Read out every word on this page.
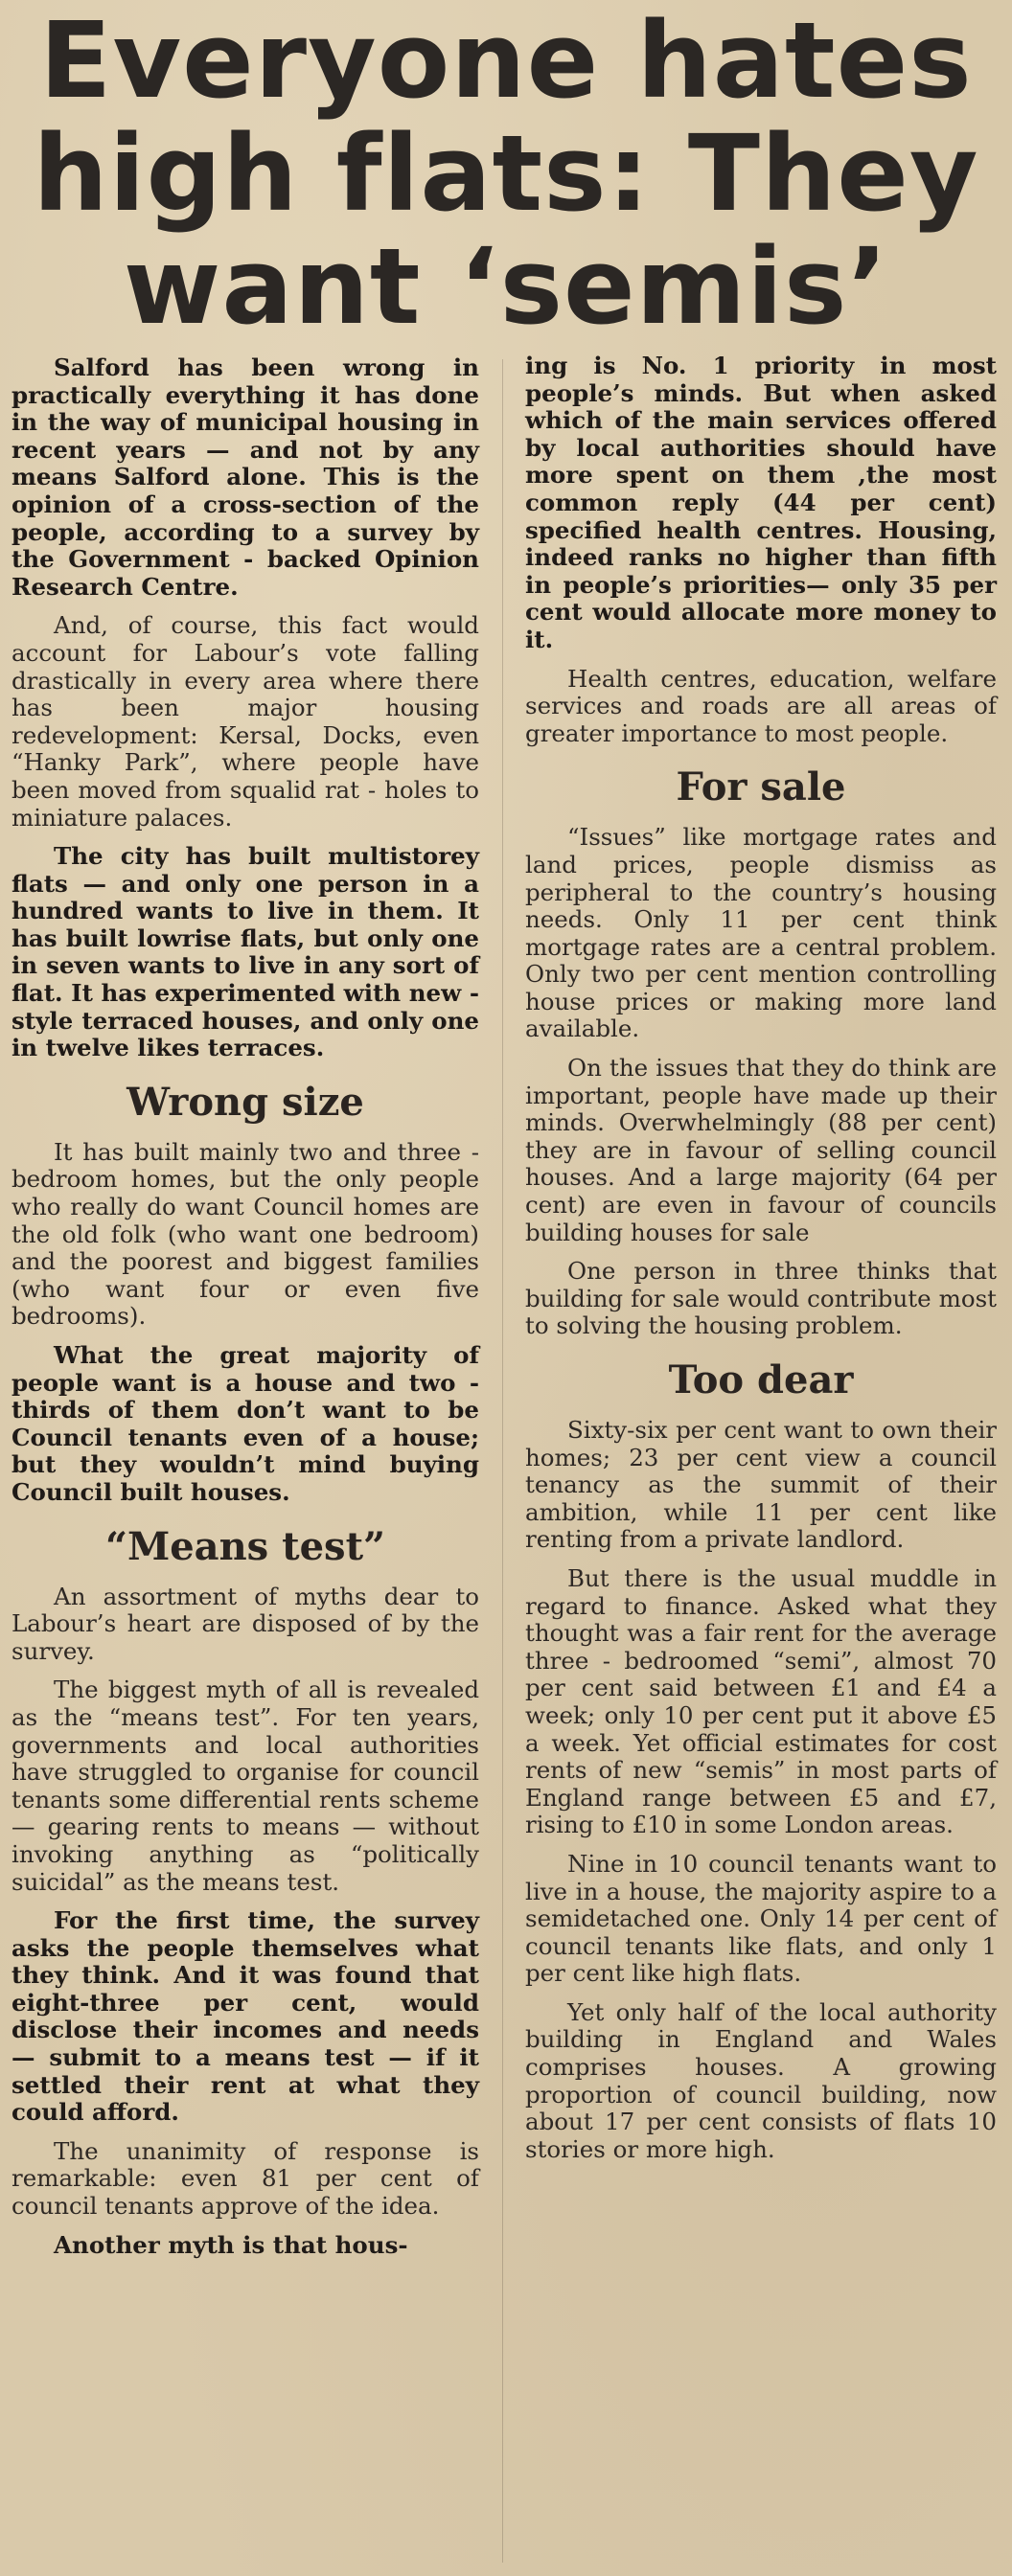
Everyone hates
high flats: They
want ‘semis’

Salford has been wrong in practically everything it has done in the way of municipal housing in recent years — and not by any means Salford alone. This is the opinion of a cross-section of the people, according to a survey by the Government - backed Opinion Research Centre.

And, of course, this fact would account for Labour’s vote falling drastically in every area where there has been major housing redevelopment: Kersal, Docks, even “Hanky Park”, where people have been moved from squalid rat - holes to miniature palaces.

The city has built multistorey flats — and only one person in a hundred wants to live in them. It has built lowrise flats, but only one in seven wants to live in any sort of flat. It has experimented with new - style terraced houses, and only one in twelve likes terraces.

Wrong size

It has built mainly two and three - bedroom homes, but the only people who really do want Council homes are the old folk (who want one bedroom) and the poorest and biggest families (who want four or even five bedrooms).

What the great majority of people want is a house and two - thirds of them don’t want to be Council tenants even of a house; but they wouldn’t mind buying Council built houses.

“Means test”

An assortment of myths dear to Labour’s heart are disposed of by the survey.

The biggest myth of all is revealed as the “means test”. For ten years, governments and local authorities have struggled to organise for council tenants some differential rents scheme — gearing rents to means — without invoking anything as “politically suicidal” as the means test.

For the first time, the survey asks the people themselves what they think. And it was found that eight-three per cent, would disclose their incomes and needs — submit to a means test — if it settled their rent at what they could afford.

The unanimity of response is remarkable: even 81 per cent of council tenants approve of the idea.

Another myth is that hous-

ing is No. 1 priority in most people’s minds. But when asked which of the main services offered by local authorities should have more spent on them ,the most common reply (44 per cent) specified health centres. Housing, indeed ranks no higher than fifth in people’s priorities— only 35 per cent would allocate more money to it.

Health centres, education, welfare services and roads are all areas of greater importance to most people.

For sale

“Issues” like mortgage rates and land prices, people dismiss as peripheral to the country’s housing needs. Only 11 per cent think mortgage rates are a central problem. Only two per cent mention controlling house prices or making more land available.

On the issues that they do think are important, people have made up their minds. Overwhelmingly (88 per cent) they are in favour of selling council houses. And a large majority (64 per cent) are even in favour of councils building houses for sale

One person in three thinks that building for sale would contribute most to solving the housing problem.

Too dear

Sixty-six per cent want to own their homes; 23 per cent view a council tenancy as the summit of their ambition, while 11 per cent like renting from a private landlord.

But there is the usual muddle in regard to finance. Asked what they thought was a fair rent for the average three - bedroomed “semi”, almost 70 per cent said between £1 and £4 a week; only 10 per cent put it above £5 a week. Yet official estimates for cost rents of new “semis” in most parts of England range between £5 and £7, rising to £10 in some London areas.

Nine in 10 council tenants want to live in a house, the majority aspire to a semidetached one. Only 14 per cent of council tenants like flats, and only 1 per cent like high flats.

Yet only half of the local authority building in England and Wales comprises houses. A growing proportion of council building, now about 17 per cent consists of flats 10 stories or more high.
